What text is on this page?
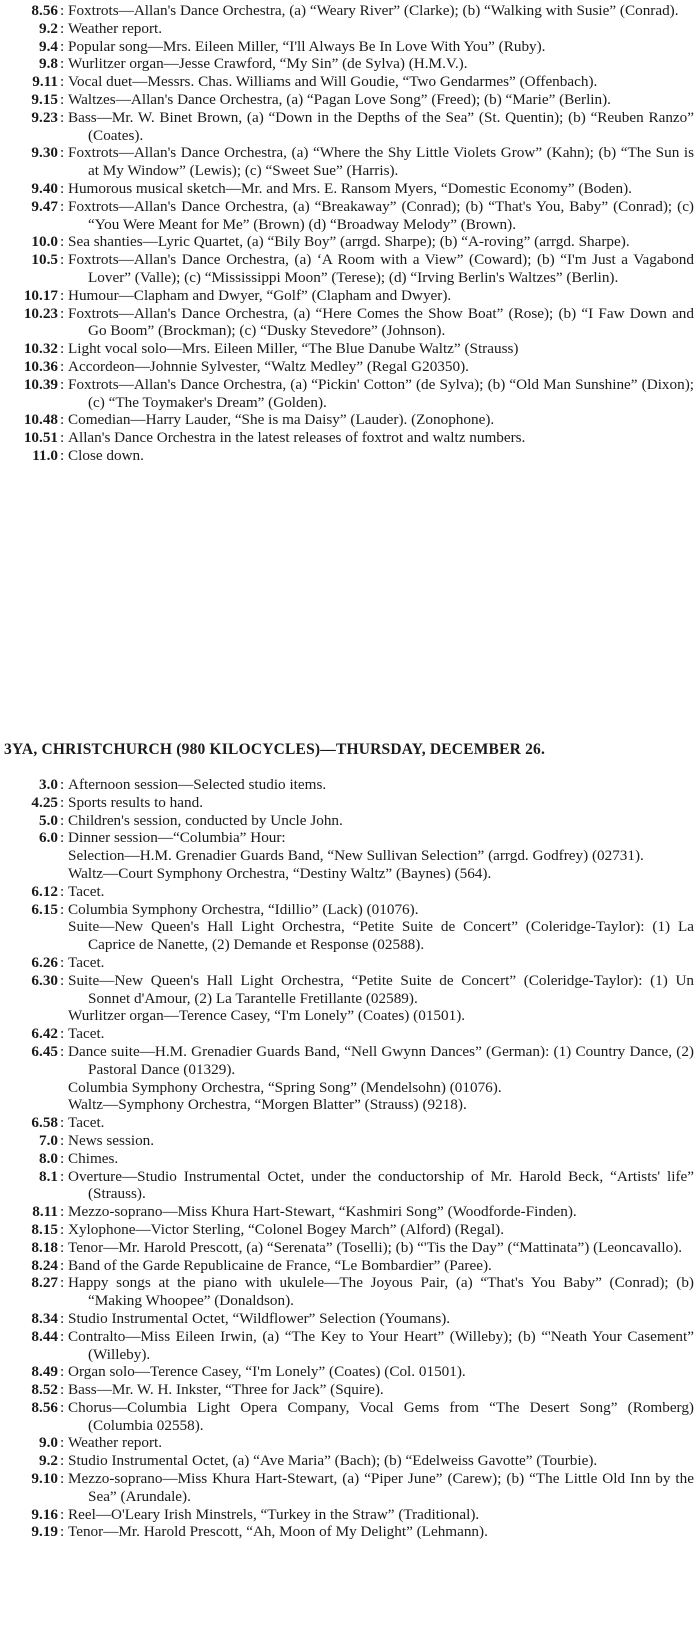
8.56 : Foxtrots—Allan's Dance Orchestra, (a) “Weary River” (Clarke); (b) “Walking with Susie” (Conrad).
9.2 : Weather report.
9.4 : Popular song—Mrs. Eileen Miller, “I'll Always Be In Love With You” (Ruby).
9.8 : Wurlitzer organ—Jesse Crawford, “My Sin” (de Sylva) (H.M.V.).
9.11 : Vocal duet—Messrs. Chas. Williams and Will Goudie, “Two Gendarmes” (Offenbach).
9.15 : Waltzes—Allan's Dance Orchestra, (a) “Pagan Love Song” (Freed); (b) “Marie” (Berlin).
9.23 : Bass—Mr. W. Binet Brown, (a) “Down in the Depths of the Sea” (St. Quentin); (b) “Reuben Ranzo” (Coates).
9.30 : Foxtrots—Allan's Dance Orchestra, (a) “Where the Shy Little Violets Grow” (Kahn); (b) “The Sun is at My Window” (Lewis); (c) “Sweet Sue” (Harris).
9.40 : Humorous musical sketch—Mr. and Mrs. E. Ransom Myers, “Domestic Economy” (Boden).
9.47 : Foxtrots—Allan's Dance Orchestra, (a) “Breakaway” (Conrad); (b) “That's You, Baby” (Conrad); (c) “You Were Meant for Me” (Brown) (d) “Broadway Melody” (Brown).
10.0 : Sea shanties—Lyric Quartet, (a) “Bily Boy” (arrgd. Sharpe); (b) “A-roving” (arrgd. Sharpe).
10.5 : Foxtrots—Allan's Dance Orchestra, (a) ‘A Room with a View” (Coward); (b) “I'm Just a Vagabond Lover” (Valle); (c) “Mississippi Moon” (Terese); (d) “Irving Berlin's Waltzes” (Berlin).
10.17 : Humour—Clapham and Dwyer, “Golf” (Clapham and Dwyer).
10.23 : Foxtrots—Allan's Dance Orchestra, (a) “Here Comes the Show Boat” (Rose); (b) “I Faw Down and Go Boom” (Brockman); (c) “Dusky Stevedore” (Johnson).
10.32 : Light vocal solo—Mrs. Eileen Miller, “The Blue Danube Waltz” (Strauss)
10.36 : Accordeon—Johnnie Sylvester, “Waltz Medley” (Regal G20350).
10.39 : Foxtrots—Allan's Dance Orchestra, (a) “Pickin' Cotton” (de Sylva); (b) “Old Man Sunshine” (Dixon); (c) “The Toymaker's Dream” (Golden).
10.48 : Comedian—Harry Lauder, “She is ma Daisy” (Lauder). (Zonophone).
10.51 : Allan's Dance Orchestra in the latest releases of foxtrot and waltz numbers.
11.0 : Close down.
3YA, CHRISTCHURCH (980 KILOCYCLES)—THURSDAY, DECEMBER 26.
3.0 : Afternoon session—Selected studio items.
4.25 : Sports results to hand.
5.0 : Children's session, conducted by Uncle John.
6.0 : Dinner session—“Columbia” Hour:
Selection—H.M. Grenadier Guards Band, “New Sullivan Selection” (arrgd. Godfrey) (02731).
Waltz—Court Symphony Orchestra, “Destiny Waltz” (Baynes) (564).
6.12 : Tacet.
6.15 : Columbia Symphony Orchestra, “Idillio” (Lack) (01076).
Suite—New Queen's Hall Light Orchestra, “Petite Suite de Concert” (Coleridge-Taylor): (1) La Caprice de Nanette, (2) Demande et Response (02588).
6.26 : Tacet.
6.30 : Suite—New Queen's Hall Light Orchestra, “Petite Suite de Concert” (Coleridge-Taylor): (1) Un Sonnet d'Amour, (2) La Tarantelle Fretillante (02589).
Wurlitzer organ—Terence Casey, “I'm Lonely” (Coates) (01501).
6.42 : Tacet.
6.45 : Dance suite—H.M. Grenadier Guards Band, “Nell Gwynn Dances” (German): (1) Country Dance, (2) Pastoral Dance (01329).
Columbia Symphony Orchestra, “Spring Song” (Mendelsohn) (01076).
Waltz—Symphony Orchestra, “Morgen Blatter” (Strauss) (9218).
6.58 : Tacet.
7.0 : News session.
8.0 : Chimes.
8.1 : Overture—Studio Instrumental Octet, under the conductorship of Mr. Harold Beck, “Artists' life” (Strauss).
8.11 : Mezzo-soprano—Miss Khura Hart-Stewart, “Kashmiri Song” (Woodforde-Finden).
8.15 : Xylophone—Victor Sterling, “Colonel Bogey March” (Alford) (Regal).
8.18 : Tenor—Mr. Harold Prescott, (a) “Serenata” (Toselli); (b) “'Tis the Day” (“Mattinata”) (Leoncavallo).
8.24 : Band of the Garde Republicaine de France, “Le Bombardier” (Paree).
8.27 : Happy songs at the piano with ukulele—The Joyous Pair, (a) “That's You Baby” (Conrad); (b) “Making Whoopee” (Donaldson).
8.34 : Studio Instrumental Octet, “Wildflower” Selection (Youmans).
8.44 : Contralto—Miss Eileen Irwin, (a) “The Key to Your Heart” (Willeby); (b) “'Neath Your Casement” (Willeby).
8.49 : Organ solo—Terence Casey, “I'm Lonely” (Coates) (Col. 01501).
8.52 : Bass—Mr. W. H. Inkster, “Three for Jack” (Squire).
8.56 : Chorus—Columbia Light Opera Company, Vocal Gems from “The Desert Song” (Romberg) (Columbia 02558).
9.0 : Weather report.
9.2 : Studio Instrumental Octet, (a) “Ave Maria” (Bach); (b) “Edelweiss Gavotte” (Tourbie).
9.10 : Mezzo-soprano—Miss Khura Hart-Stewart, (a) “Piper June” (Carew); (b) “The Little Old Inn by the Sea” (Arundale).
9.16 : Reel—O'Leary Irish Minstrels, “Turkey in the Straw” (Traditional).
9.19 : Tenor—Mr. Harold Prescott, “Ah, Moon of My Delight” (Lehmann).
